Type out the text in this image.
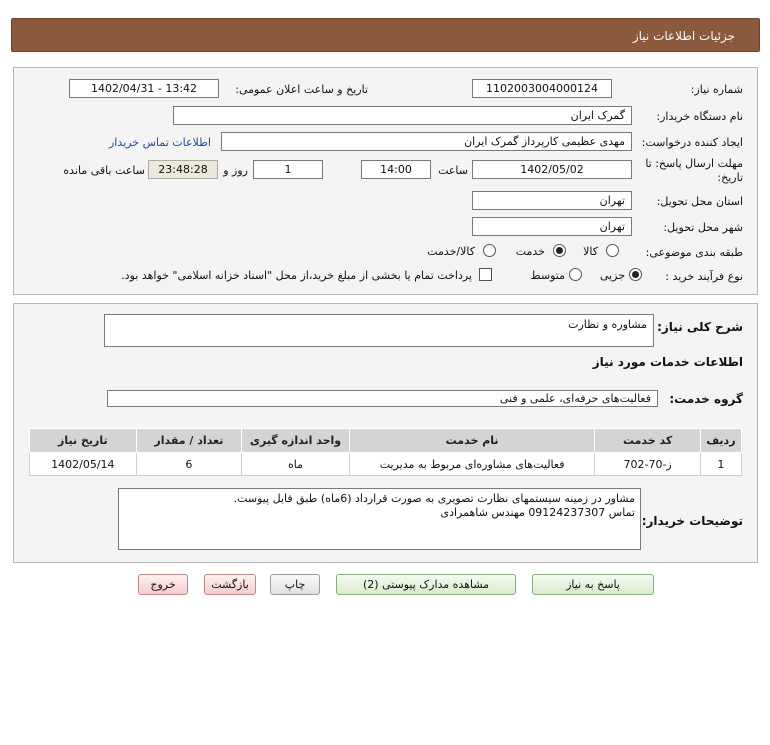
جزئیات اطلاعات نیاز
شماره نیاز:
1102003004000124
تاریخ و ساعت اعلان عمومی:
1402/04/31 - 13:42
نام دستگاه خریدار:
گمرک ایران
ایجاد کننده درخواست:
مهدی عظیمی کارپرداز گمرک ایران
اطلاعات تماس خریدار
مهلت ارسال پاسخ: تا
تاریخ:
1402/05/02
ساعت
14:00
1
روز و
23:48:28
ساعت باقی مانده
استان محل تحویل:
تهران
شهر محل تحویل:
تهران
طبقه بندی موضوعی:
کالا
خدمت
کالا/خدمت
نوع فرآیند خرید :
جزیی
متوسط
پرداخت تمام یا بخشی از مبلغ خرید،از محل "اسناد خزانه اسلامی" خواهد بود.
شرح کلی نیاز:
مشاوره و نظارت
اطلاعات خدمات مورد نیاز
گروه خدمت:
فعالیت‌های حرفه‌ای، علمی و فنی
ردیف	کد خدمت	نام خدمت	واحد اندازه گیری	تعداد / مقدار	تاریخ نیاز
1	ز-70-702	فعالیت‌های مشاوره‌ای مربوط به مدیریت	ماه	6	1402/05/14
توضیحات خریدار:
مشاور در زمینه سیستمهای نظارت تصویری به صورت قرارداد (6ماه) طبق فایل پیوست.
تماس 09124237307 مهندس شاهمرادی
پاسخ به نیاز
مشاهده مدارک پیوستی (2)
چاپ
بازگشت
خروج
